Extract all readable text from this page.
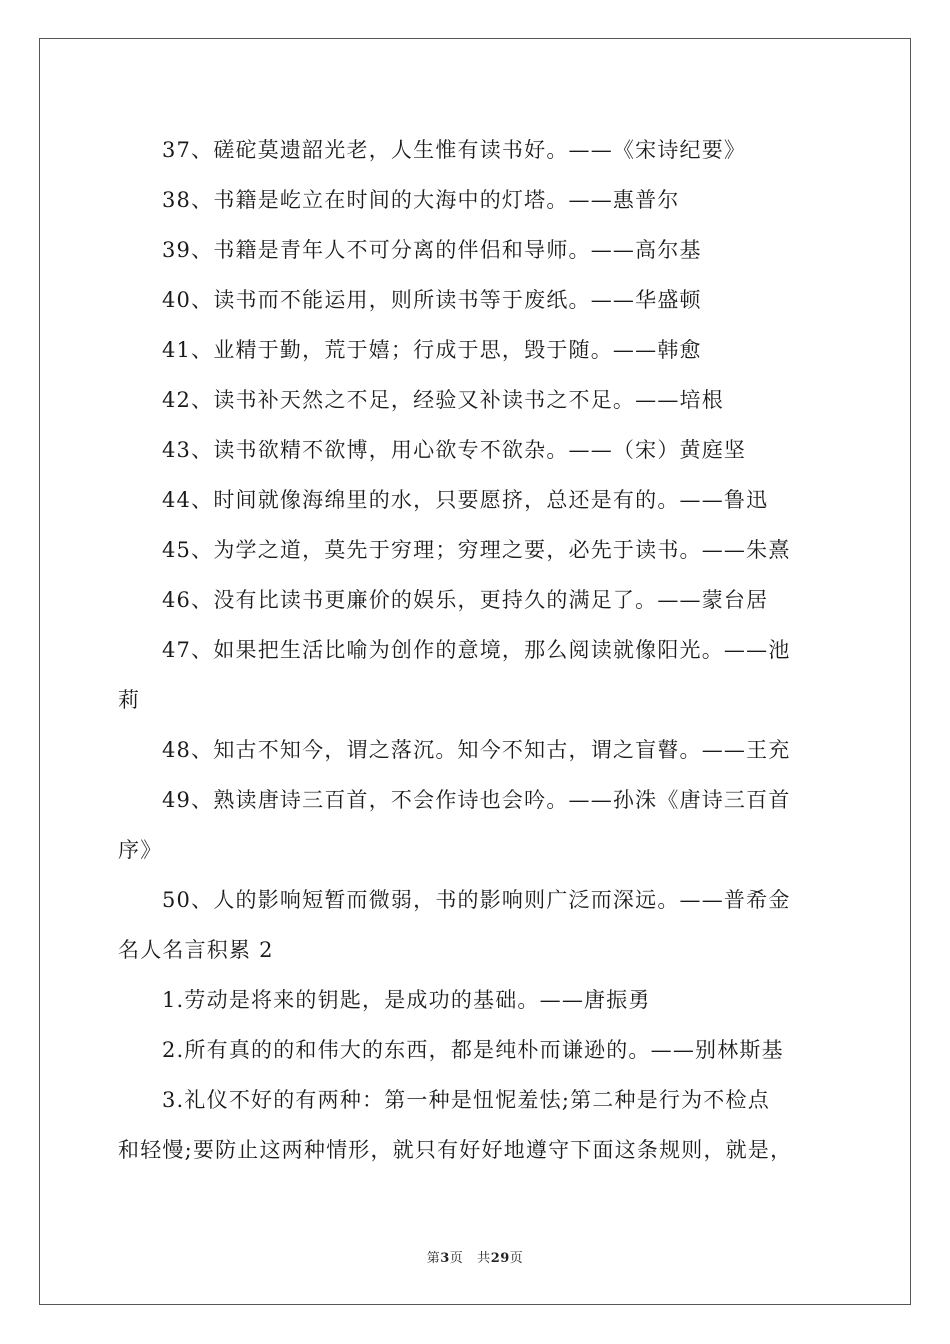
37、磋砣莫遗韶光老，人生惟有读书好。——《宋诗纪要》
38、书籍是屹立在时间的大海中的灯塔。——惠普尔
39、书籍是青年人不可分离的伴侣和导师。——高尔基
40、读书而不能运用，则所读书等于废纸。——华盛顿
41、业精于勤，荒于嬉；行成于思，毁于随。——韩愈
42、读书补天然之不足，经验又补读书之不足。——培根
43、读书欲精不欲博，用心欲专不欲杂。——（宋）黄庭坚
44、时间就像海绵里的水，只要愿挤，总还是有的。——鲁迅
45、为学之道，莫先于穷理；穷理之要，必先于读书。——朱熹
46、没有比读书更廉价的娱乐，更持久的满足了。——蒙台居
47、如果把生活比喻为创作的意境，那么阅读就像阳光。——池
莉
48、知古不知今，谓之落沉。知今不知古，谓之盲瞽。——王充
49、熟读唐诗三百首，不会作诗也会吟。——孙洙《唐诗三百首
序》
50、人的影响短暂而微弱，书的影响则广泛而深远。——普希金
名人名言积累 2
1.劳动是将来的钥匙，是成功的基础。——唐振勇
2.所有真的的和伟大的东西，都是纯朴而谦逊的。——别林斯基
3.礼仪不好的有两种：第一种是忸怩羞怯;第二种是行为不检点
和轻慢;要防止这两种情形，就只有好好地遵守下面这条规则，就是，
第3页 共29页
